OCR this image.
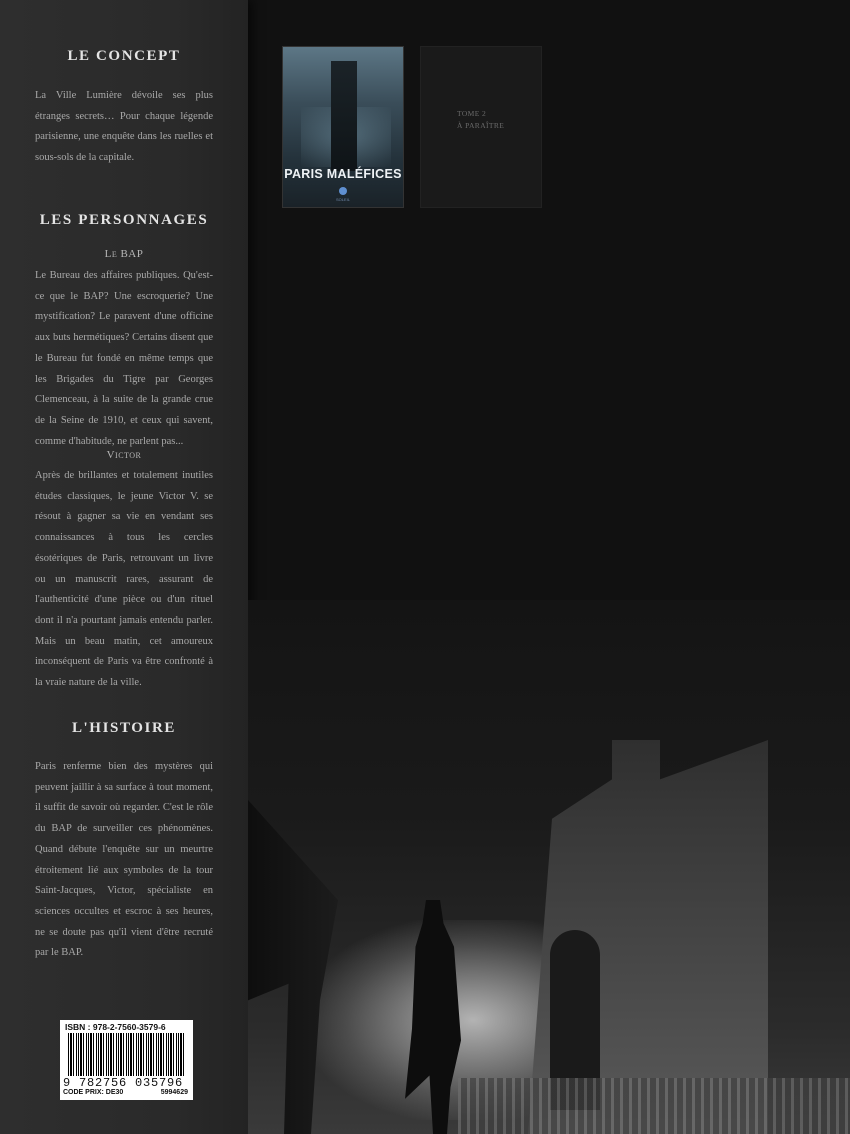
LE CONCEPT
La Ville Lumière dévoile ses plus étranges secrets… Pour chaque légende parisienne, une enquête dans les ruelles et sous-sols de la capitale.
LES PERSONNAGES
Le BAP
Le Bureau des affaires publiques. Qu'est-ce que le BAP? Une escroquerie? Une mystification? Le paravent d'une officine aux buts hermétiques? Certains disent que le Bureau fut fondé en même temps que les Brigades du Tigre par Georges Clemenceau, à la suite de la grande crue de la Seine de 1910, et ceux qui savent, comme d'habitude, ne parlent pas...
Victor
Après de brillantes et totalement inutiles études classiques, le jeune Victor V. se résout à gagner sa vie en vendant ses connaissances à tous les cercles ésotériques de Paris, retrouvant un livre ou un manuscrit rares, assurant de l'authenticité d'une pièce ou d'un rituel dont il n'a pourtant jamais entendu parler. Mais un beau matin, cet amoureux inconséquent de Paris va être confronté à la vraie nature de la ville.
L'HISTOIRE
Paris renferme bien des mystères qui peuvent jaillir à sa surface à tout moment, il suffit de savoir où regarder. C'est le rôle du BAP de surveiller ces phénomènes. Quand débute l'enquête sur un meurtre étroitement lié aux symboles de la tour Saint-Jacques, Victor, spécialiste en sciences occultes et escroc à ses heures, ne se doute pas qu'il vient d'être recruté par le BAP.
ISBN : 978-2-7560-3579-6
9 782756 035796
CODE PRIX: DE30	5994629
PARIS MALÉFICES
SOLEIL
TOME 2
À PARAÎTRE
